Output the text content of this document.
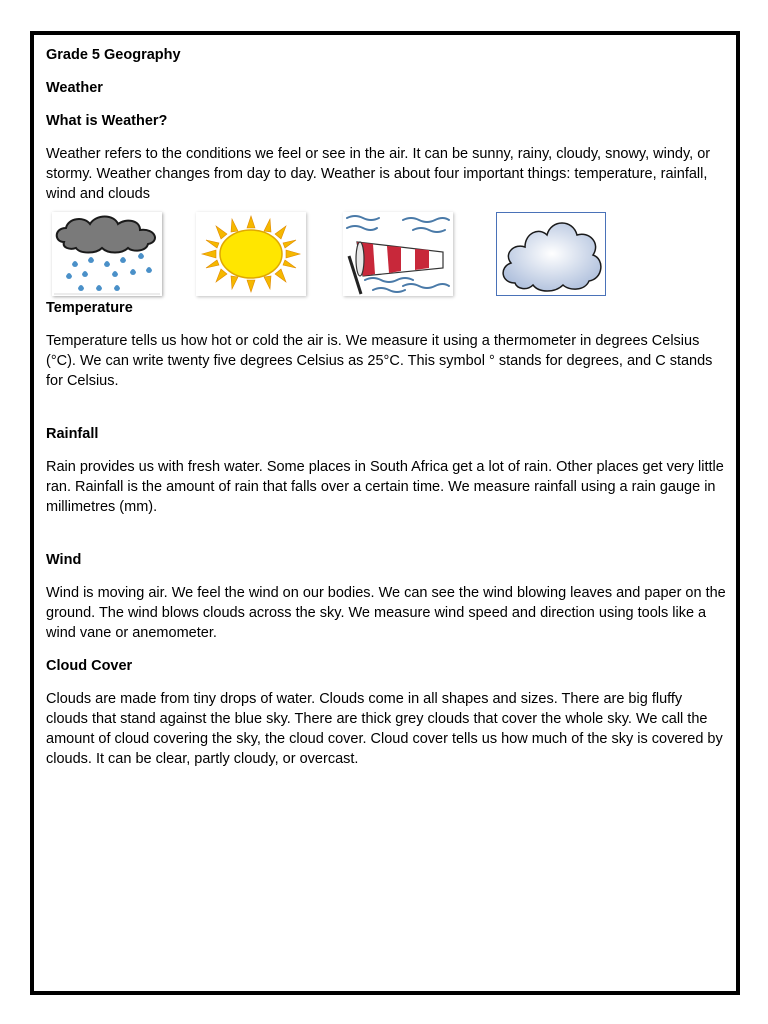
Grade 5 Geography

Weather

What is Weather?

Weather refers to the conditions we feel or see in the air. It can be sunny, rainy, cloudy, snowy, windy, or stormy. Weather changes from day to day. Weather is about four important things: temperature, rainfall, wind and clouds

Temperature

Temperature tells us how hot or cold the air is. We measure it using a thermometer in degrees Celsius (°C). We can write twenty five degrees Celsius as 25°C. This symbol ° stands for degrees, and C stands for Celsius.

Rainfall

Rain provides us with fresh water. Some places in South Africa get a lot of rain. Other places get very little ran. Rainfall is the amount of rain that falls over a certain time. We measure rainfall using a rain gauge in millimetres (mm).

Wind

Wind is moving air. We feel the wind on our bodies. We can see the wind blowing leaves and paper on the ground. The wind blows clouds across the sky. We measure wind speed and direction using tools like a wind vane or anemometer.

Cloud Cover

Clouds are made from tiny drops of water. Clouds come in all shapes and sizes. There are big fluffy clouds that stand against the blue sky. There are thick grey clouds that cover the whole sky. We call the amount of cloud covering the sky, the cloud cover. Cloud cover tells us how much of the sky is covered by clouds. It can be clear, partly cloudy, or overcast.
